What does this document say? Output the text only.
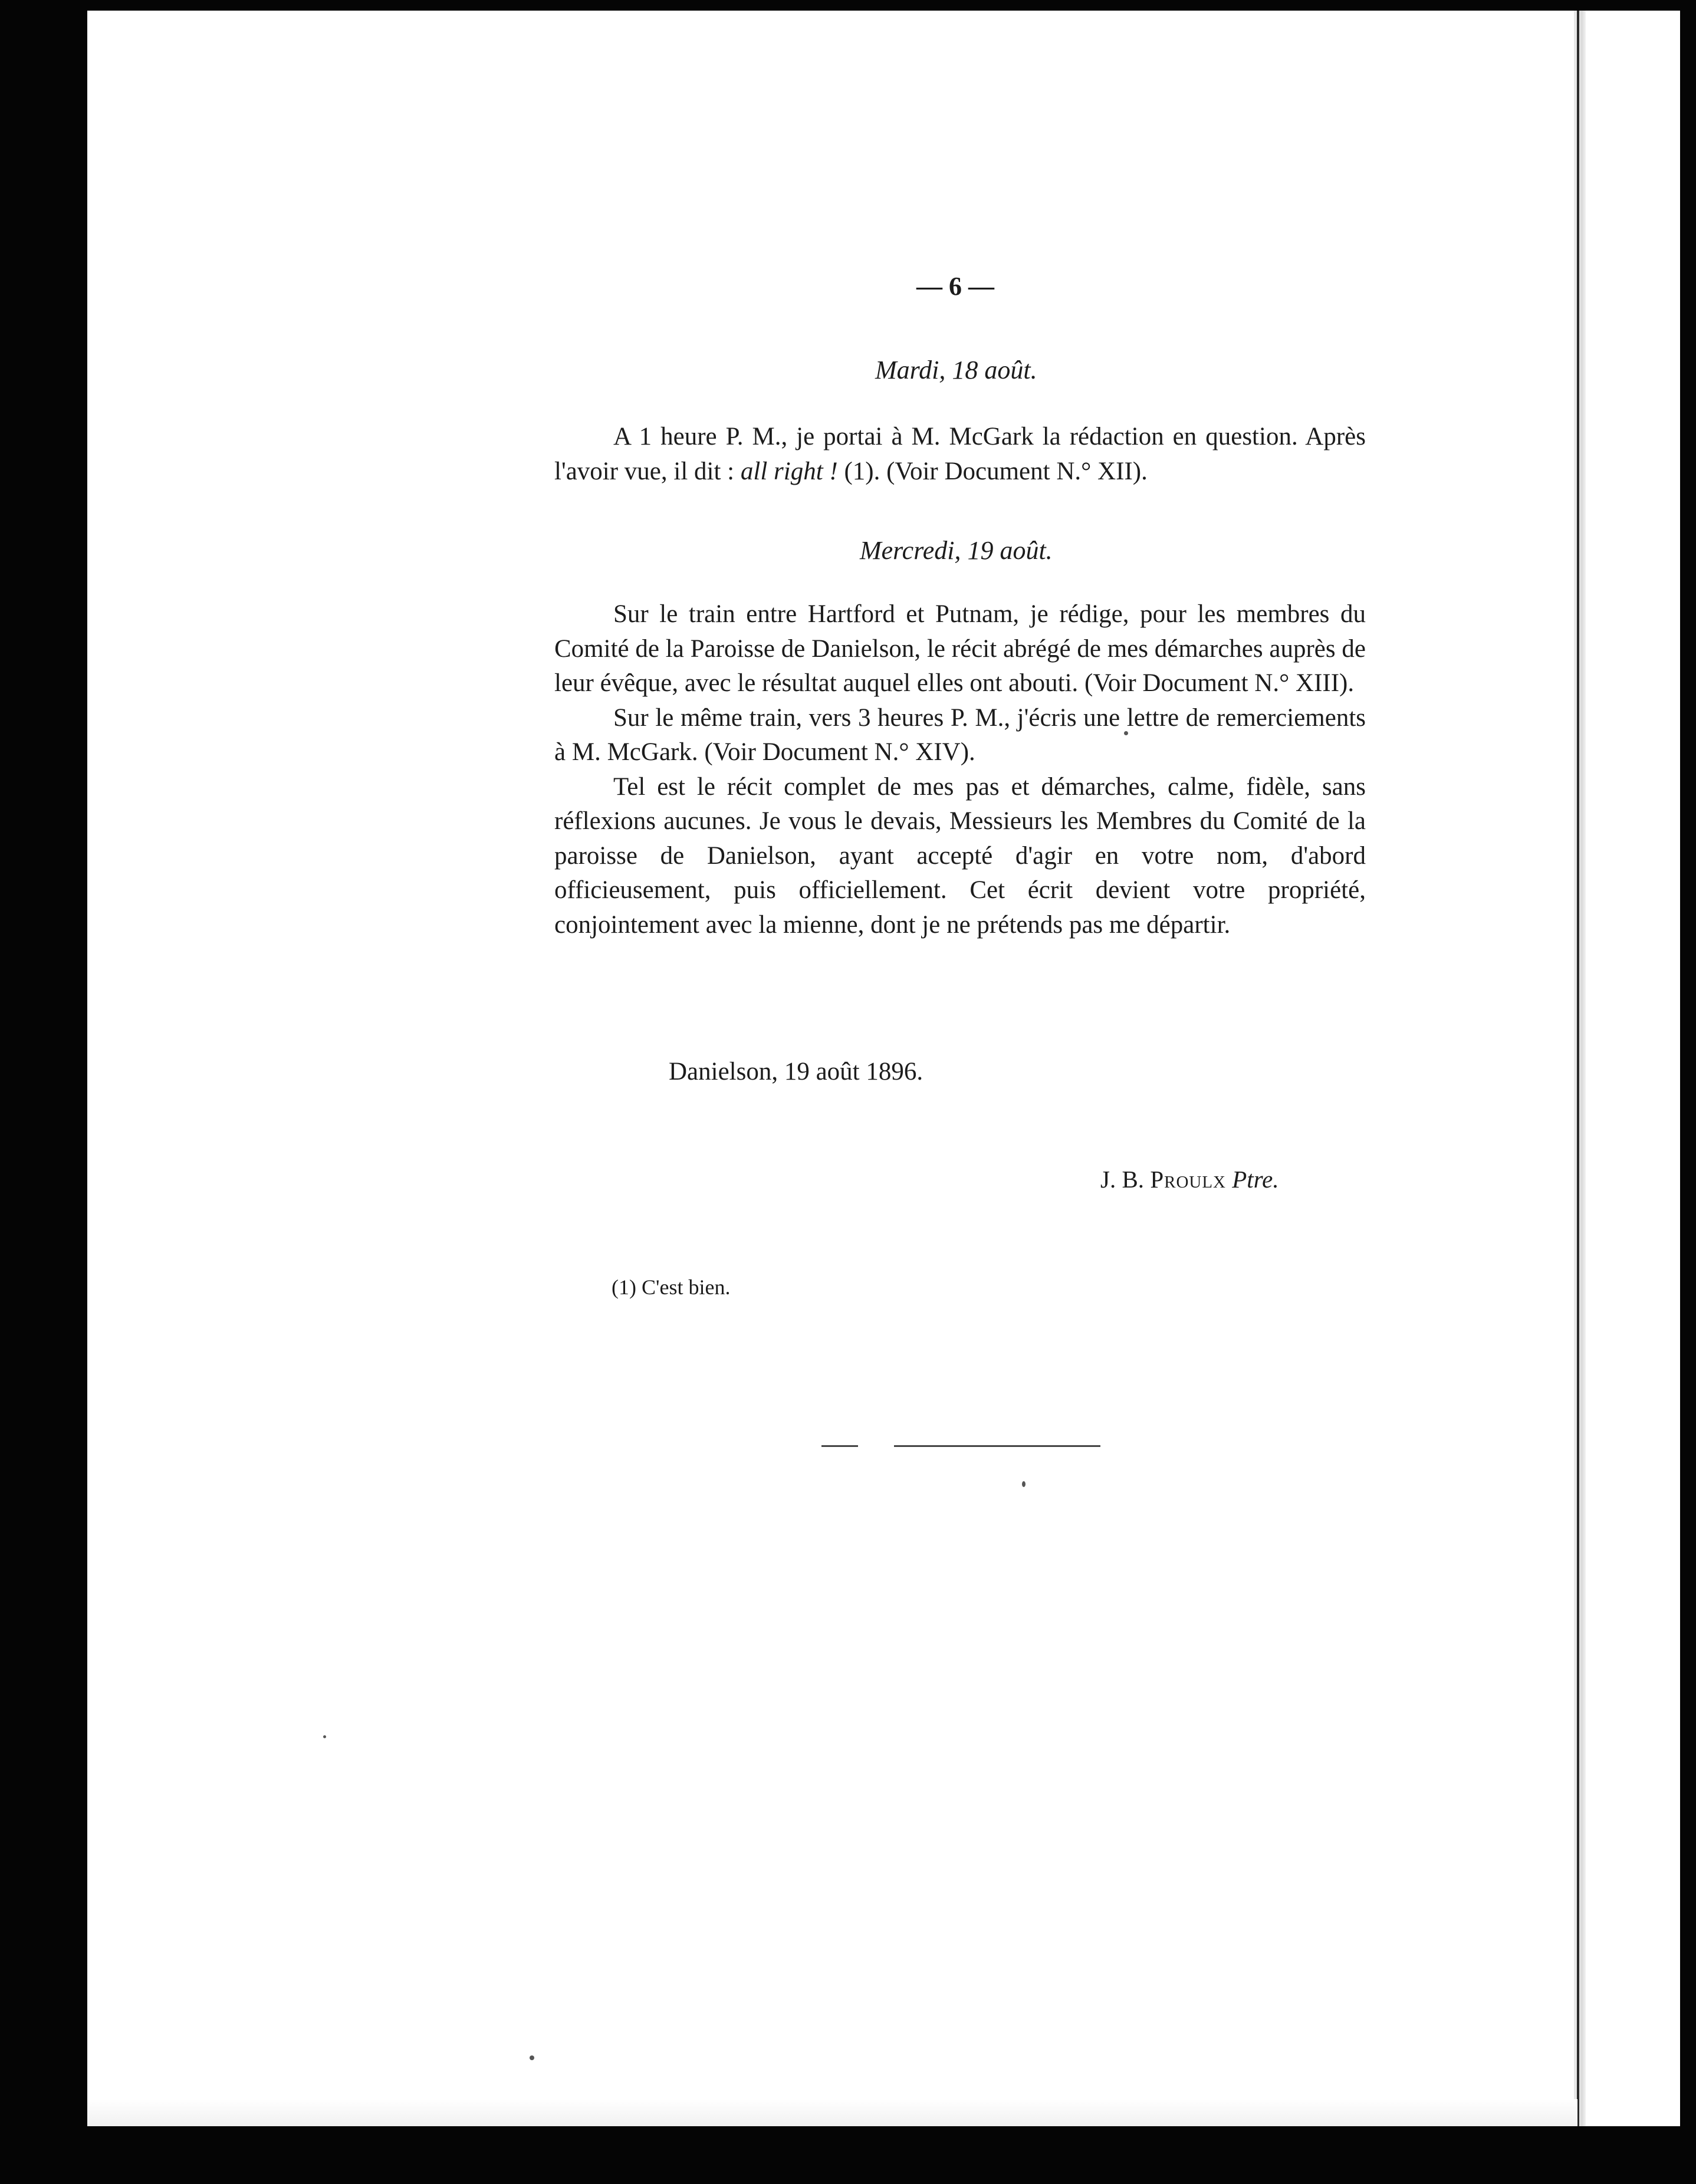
— 6 —
Mardi, 18 août.

A 1 heure P. M., je portai à M. McGark la rédaction en question. Après l'avoir vue, il dit : all right ! (1). (Voir Document N.° XII).

Mercredi, 19 août.

Sur le train entre Hartford et Putnam, je rédige, pour les membres du Comité de la Paroisse de Danielson, le récit abrégé de mes démarches auprès de leur évêque, avec le résultat auquel elles ont abouti. (Voir Document N.° XIII).

Sur le même train, vers 3 heures P. M., j'écris une lettre de remerciements à M. McGark. (Voir Document N.° XIV).

Tel est le récit complet de mes pas et démarches, calme, fidèle, sans réflexions aucunes. Je vous le devais, Messieurs les Membres du Comité de la paroisse de Danielson, ayant accepté d'agir en votre nom, d'abord officieusement, puis officiellement. Cet écrit devient votre propriété, conjointement avec la mienne, dont je ne prétends pas me départir.

Danielson, 19 août 1896.
J. B. Proulx Ptre.
(1) C'est bien.
